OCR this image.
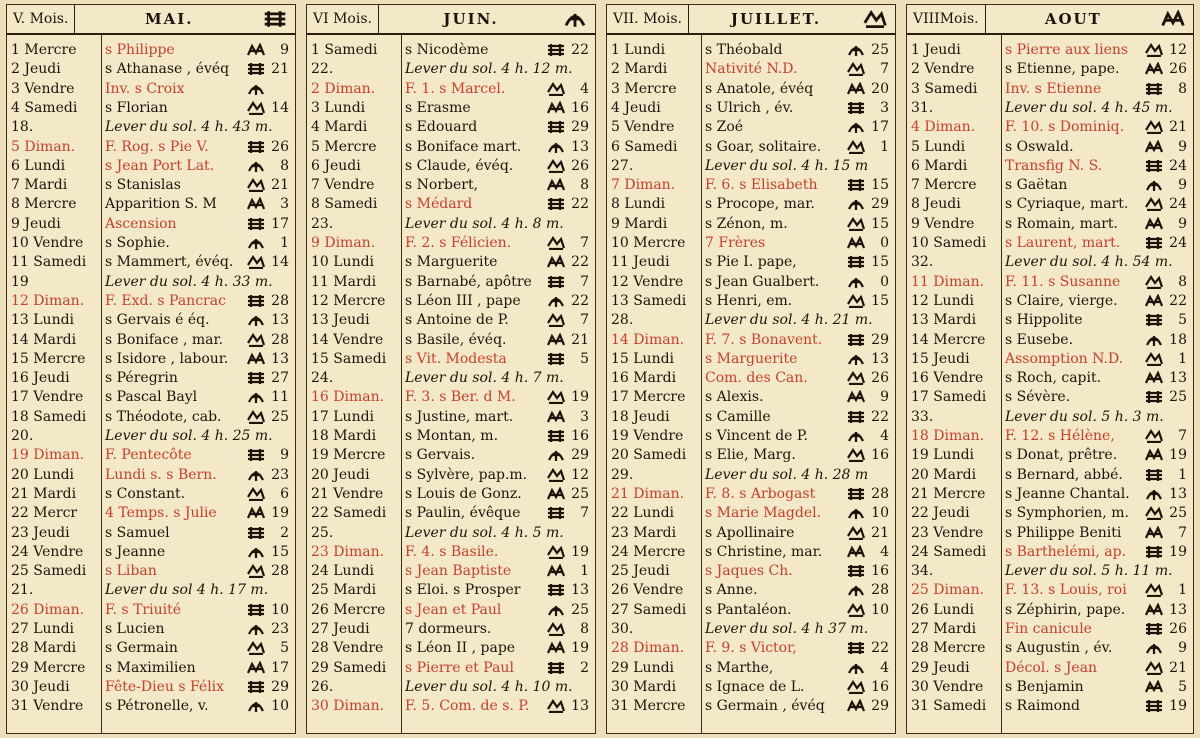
V. Mois.	MAI.
1 Mercre	s Philippe	9
2 Jeudi	s Athanase , évéq	21
3 Vendre	Inv. s Croix
4 Samedi	s Florian	14
18.	Lever du sol. 4 h. 43 m.
5 Diman.	F. Rog. s Pie V.	26
6 Lundi	s Jean Port Lat.	8
7 Mardi	s Stanislas	21
8 Mercre	Apparition S. M	3
9 Jeudi	Ascension	17
10 Vendre	s Sophie.	1
11 Samedi	s Mammert, évéq.	14
19	Lever du sol. 4 h. 33 m.
12 Diman.	F. Exd. s Pancrac	28
13 Lundi	s Gervais é éq.	13
14 Mardi	s Boniface , mar.	28
15 Mercre	s Isidore , labour.	13
16 Jeudi	s Péregrin	27
17 Vendre	s Pascal Bayl	11
18 Samedi	s Théodote, cab.	25
20.	Lever du sol. 4 h. 25 m.
19 Diman.	F. Pentecôte	9
20 Lundi	Lundi s. s Bern.	23
21 Mardi	s Constant.	6
22 Mercr	4 Temps. s Julie	19
23 Jeudi	s Samuel	2
24 Vendre	s Jeanne	15
25 Samedi	s Liban	28
21.	Lever du sol 4 h. 17 m.
26 Diman.	F. s Triuité	10
27 Lundi	s Lucien	23
28 Mardi	s Germain	5
29 Mercre	s Maximilien	17
30 Jeudi	Fête-Dieu s Félix	29
31 Vendre	s Pétronelle, v.	10
VI Mois.	JUIN.
1 Samedi	s Nicodème	22
22.	Lever du sol. 4 h. 12 m.
2 Diman.	F. 1. s Marcel.	4
3 Lundi	s Erasme	16
4 Mardi	s Edouard	29
5 Mercre	s Boniface mart.	13
6 Jeudi	s Claude, évéq.	26
7 Vendre	s Norbert,	8
8 Samedi	s Médard	22
23.	Lever du sol. 4 h. 8 m.
9 Diman.	F. 2. s Félicien.	7
10 Lundi	s Marguerite	22
11 Mardi	s Barnabé, apôtre	7
12 Mercre	s Léon III , pape	22
13 Jeudi	s Antoine de P.	7
14 Vendre	s Basile, évéq.	21
15 Samedi	s Vit. Modesta	5
24.	Lever du sol. 4 h. 7 m.
16 Diman.	F. 3. s Ber. d M.	19
17 Lundi	s Justine, mart.	3
18 Mardi	s Montan, m.	16
19 Mercre	s Gervais.	29
20 Jeudi	s Sylvère, pap.m.	12
21 Vendre	s Louis de Gonz.	25
22 Samedi	s Paulin, évêque	7
25.	Lever du sol. 4 h. 5 m.
23 Diman.	F. 4. s Basile.	19
24 Lundi	s Jean Baptiste	1
25 Mardi	s Eloi. s Prosper	13
26 Mercre	s Jean et Paul	25
27 Jeudi	7 dormeurs.	8
28 Vendre	s Léon II , pape	19
29 Samedi	s Pierre et Paul	2
26.	Lever du sol. 4 h. 10 m.
30 Diman.	F. 5. Com. de s. P.	13
VII. Mois.	JUILLET.
1 Lundi	s Théobald	25
2 Mardi	Nativité N.D.	7
3 Mercre	s Anatole, évéq	20
4 Jeudi	s Ulrich , év.	3
5 Vendre	s Zoé	17
6 Samedi	s Goar, solitaire.	1
27.	Lever du sol. 4 h. 15 m
7 Diman.	F. 6. s Elisabeth	15
8 Lundi	s Procope, mar.	29
9 Mardi	s Zénon, m.	15
10 Mercre	7 Frères	0
11 Jeudi	s Pie I. pape,	15
12 Vendre	s Jean Gualbert.	0
13 Samedi	s Henri, em.	15
28.	Lever du sol. 4 h. 21 m.
14 Diman.	F. 7. s Bonavent.	29
15 Lundi	s Marguerite	13
16 Mardi	Com. des Can.	26
17 Mercre	s Alexis.	9
18 Jeudi	s Camille	22
19 Vendre	s Vincent de P.	4
20 Samedi	s Elie, Marg.	16
29.	Lever du sol. 4 h. 28 m
21 Diman.	F. 8. s Arbogast	28
22 Lundi	s Marie Magdel.	10
23 Mardi	s Apollinaire	21
24 Mercre	s Christine, mar.	4
25 Jeudi	s Jaques Ch.	16
26 Vendre	s Anne.	28
27 Samedi	s Pantaléon.	10
30.	Lever du sol. 4 h 37 m.
28 Diman.	F. 9. s Victor,	22
29 Lundi	s Marthe,	4
30 Mardi	s Ignace de L.	16
31 Mercre	s Germain , évéq	29
VIIIMois.	AOUT
1 Jeudi	s Pierre aux liens	12
2 Vendre	s Etienne, pape.	26
3 Samedi	Inv. s Etienne	8
31.	Lever du sol. 4 h. 45 m.
4 Diman.	F. 10. s Dominiq.	21
5 Lundi	s Oswald.	9
6 Mardi	Transfig N. S.	24
7 Mercre	s Gaëtan	9
8 Jeudi	s Cyriaque, mart.	24
9 Vendre	s Romain, mart.	9
10 Samedi	s Laurent, mart.	24
32.	Lever du sol. 4 h. 54 m.
11 Diman.	F. 11. s Susanne	8
12 Lundi	s Claire, vierge.	22
13 Mardi	s Hippolite	5
14 Mercre	s Eusebe.	18
15 Jeudi	Assomption N.D.	1
16 Vendre	s Roch, capit.	13
17 Samedi	s Sévère.	25
33.	Lever du sol. 5 h. 3 m.
18 Diman.	F. 12. s Hélène,	7
19 Lundi	s Donat, prêtre.	19
20 Mardi	s Bernard, abbé.	1
21 Mercre	s Jeanne Chantal.	13
22 Jeudi	s Symphorien, m.	25
23 Vendre	s Philippe Beniti	7
24 Samedi	s Barthelémi, ap.	19
34.	Lever du sol. 5 h. 11 m.
25 Diman.	F. 13. s Louis, roi	1
26 Lundi	s Zéphirin, pape.	13
27 Mardi	Fin canicule	26
28 Mercre	s Augustin , év.	9
29 Jeudi	Décol. s Jean	21
30 Vendre	s Benjamin	5
31 Samedi	s Raimond	19
